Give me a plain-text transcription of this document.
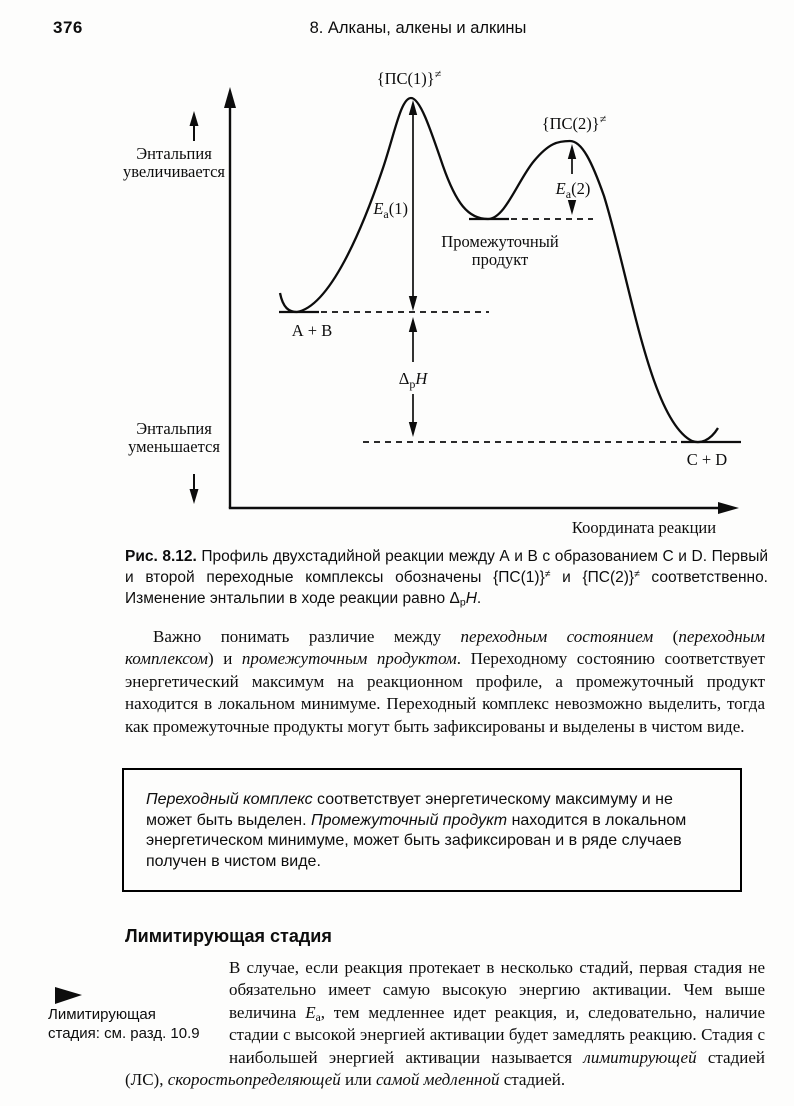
376	8. Алканы, алкены и алкины
Энтальпия
увеличивается
Энтальпия
уменьшается
Координата реакции
$E_a(1)$
$E_a(2)$
$\Delta_рH$
{ПС(1)}≠
{ПС(2)}≠
А + В
С + D
Промежуточный
продукт
Рис. 8.12. Профиль двухстадийной реакции между А и В с образованием С и D. Первый и второй переходные комплексы обозначены {ПС(1)}≠ и {ПС(2)}≠ соответственно. Изменение энтальпии в ходе реакции равно $\Delta_рH$.

Важно понимать различие между переходным состоянием (переходным комплексом) и промежуточным продуктом. Переходному состоянию соответствует энергетический максимум на реакционном профиле, а промежуточный продукт находится в локальном минимуме. Переходный комплекс невозможно выделить, тогда как промежуточные продукты могут быть зафиксированы и выделены в чистом виде.

Переходный комплекс соответствует энергетическому максимуму и не может быть выделен. Промежуточный продукт находится в локальном энергетическом минимуме, может быть зафиксирован и в ряде случаев получен в чистом виде.
Лимитирующая стадия

В случае, если реакция протекает в несколько стадий, первая стадия не обязательно имеет самую высокую энергию активации. Чем выше величина $E_a$, тем медленнее идет реакция, и, следовательно, наличие стадии с высокой энергией активации будет замедлять реакцию. Стадия с наибольшей энергией активации называется лимитирующей стадией (ЛС), скоростьопределяющей или самой медленной стадией.

Лимитирующая
стадия: см. разд. 10.9
